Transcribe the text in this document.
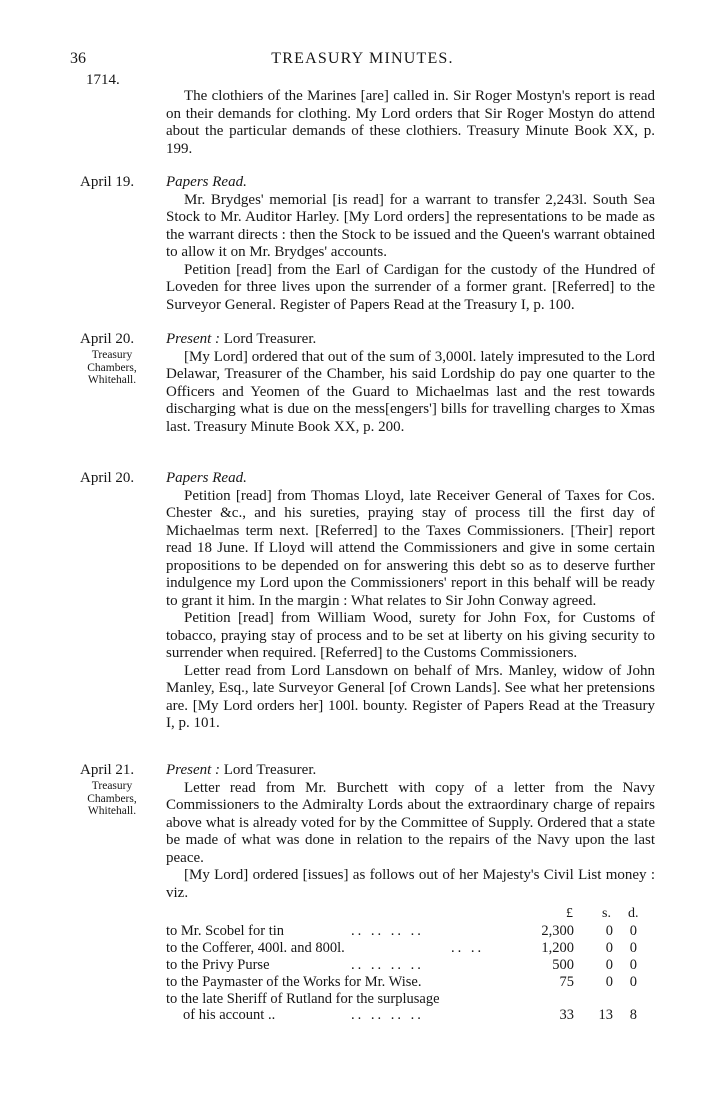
36	TREASURY MINUTES.
1714.

The clothiers of the Marines [are] called in. Sir Roger Mostyn's report is read on their demands for clothing. My Lord orders that Sir Roger Mostyn do attend about the particular demands of these clothiers. Treasury Minute Book XX, p. 199.

April 19.	Papers Read.

Mr. Brydges' memorial [is read] for a warrant to transfer 2,243l. South Sea Stock to Mr. Auditor Harley. [My Lord orders] the representations to be made as the warrant directs : then the Stock to be issued and the Queen's warrant obtained to allow it on Mr. Brydges' accounts.

Petition [read] from the Earl of Cardigan for the custody of the Hundred of Loveden for three lives upon the surrender of a former grant. [Referred] to the Surveyor General. Register of Papers Read at the Treasury I, p. 100.

April 20.
Treasury Chambers, Whitehall.

Present : Lord Treasurer.

[My Lord] ordered that out of the sum of 3,000l. lately impresuted to the Lord Delawar, Treasurer of the Chamber, his said Lordship do pay one quarter to the Officers and Yeomen of the Guard to Michaelmas last and the rest towards discharging what is due on the mess[engers'] bills for travelling charges to Xmas last. Treasury Minute Book XX, p. 200.

April 20.	Papers Read.

Petition [read] from Thomas Lloyd, late Receiver General of Taxes for Cos. Chester &c., and his sureties, praying stay of process till the first day of Michaelmas term next. [Referred] to the Taxes Commissioners. [Their] report read 18 June. If Lloyd will attend the Commissioners and give in some certain propositions to be depended on for answering this debt so as to deserve further indulgence my Lord upon the Commissioners' report in this behalf will be ready to grant it him. In the margin : What relates to Sir John Conway agreed.

Petition [read] from William Wood, surety for John Fox, for Customs of tobacco, praying stay of process and to be set at liberty on his giving security to surrender when required. [Referred] to the Customs Commissioners.

Letter read from Lord Lansdown on behalf of Mrs. Manley, widow of John Manley, Esq., late Surveyor General [of Crown Lands]. See what her pretensions are. [My Lord orders her] 100l. bounty. Register of Papers Read at the Treasury I, p. 101.

April 21.
Treasury Chambers, Whitehall.

Present : Lord Treasurer.

Letter read from Mr. Burchett with copy of a letter from the Navy Commissioners to the Admiralty Lords about the extraordinary charge of repairs above what is already voted for by the Committee of Supply. Ordered that a state be made of what was done in relation to the repairs of the Navy upon the last peace.

[My Lord] ordered [issues] as follows out of her Majesty's Civil List money : viz.

£ s. d.
to Mr. Scobel for tin	.. .. .. ..	2,300	0	0
to the Cofferer, 400l. and 800l.	.. ..	1,200	0	0
to the Privy Purse	.. .. .. ..	500	0	0
to the Paymaster of the Works for Mr. Wise.	75	0	0
to the late Sheriff of Rutland for the surplusage
of his account ..	.. .. .. ..	33	13	8
